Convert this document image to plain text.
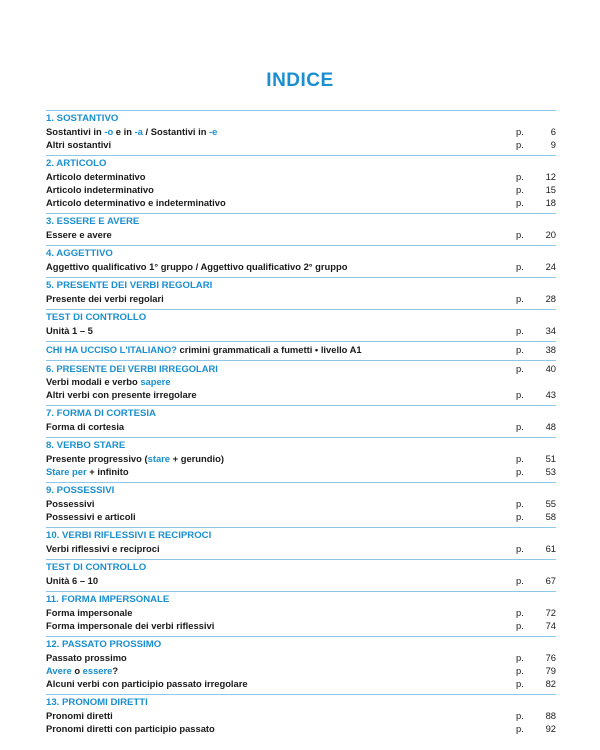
INDICE
1. SOSTANTIVO
Sostantivi in -o e in -a / Sostantivi in -e	p.	6
Altri sostantivi	p.	9
2. ARTICOLO
Articolo determinativo	p. 12
Articolo indeterminativo	p. 15
Articolo determinativo e indeterminativo	p. 18
3. ESSERE E AVERE
Essere e avere	p. 20
4. AGGETTIVO
Aggettivo qualificativo 1° gruppo / Aggettivo qualificativo 2° gruppo	p. 24
5. PRESENTE DEI VERBI REGOLARI
Presente dei verbi regolari	p. 28
TEST DI CONTROLLO
Unità 1 – 5	p. 34
CHI HA UCCISO L'ITALIANO? crimini grammaticali a fumetti • livello A1	p. 38
6. PRESENTE DEI VERBI IRREGOLARI	p. 40
Verbi modali e verbo sapere
Altri verbi con presente irregolare	p. 43
7. FORMA DI CORTESIA
Forma di cortesia	p. 48
8. VERBO STARE
Presente progressivo (stare + gerundio)	p. 51
Stare per + infinito	p. 53
9. POSSESSIVI
Possessivi	p. 55
Possessivi e articoli	p. 58
10. VERBI RIFLESSIVI E RECIPROCI
Verbi riflessivi e reciproci	p. 61
TEST DI CONTROLLO
Unità 6 – 10	p. 67
11. FORMA IMPERSONALE
Forma impersonale	p. 72
Forma impersonale dei verbi riflessivi	p. 74
12. PASSATO PROSSIMO
Passato prossimo	p. 76
Avere o essere?	p. 79
Alcuni verbi con participio passato irregolare	p. 82
13. PRONOMI DIRETTI
Pronomi diretti	p. 88
Pronomi diretti con participio passato	p. 92
